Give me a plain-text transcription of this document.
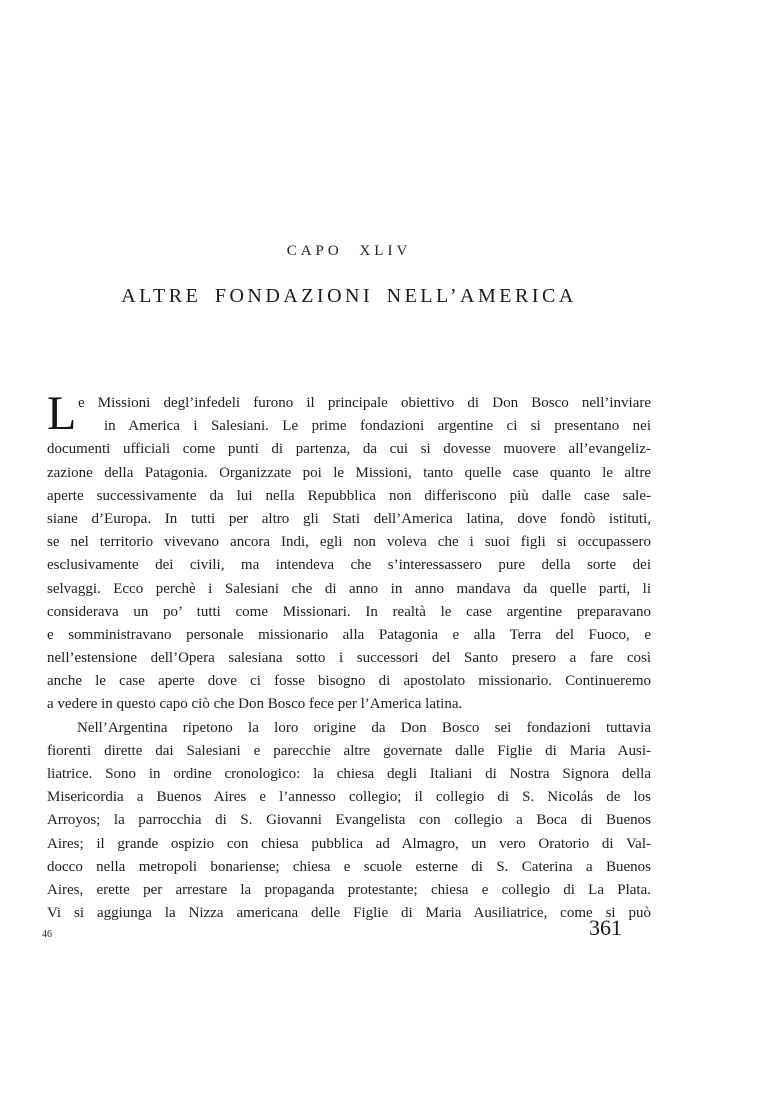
CAPO XLIV
ALTRE FONDAZIONI NELL’AMERICA
L e Missioni degl’infedeli furono il principale obiettivo di Don Bosco nell’inviare
in America i Salesiani. Le prime fondazioni argentine ci si presentano nei
documenti ufficiali come punti di partenza, da cui si dovesse muovere all’evangeliz-
zazione della Patagonia. Organizzate poi le Missioni, tanto quelle case quanto le altre
aperte successivamente da lui nella Repubblica non differiscono più dalle case sale-
siane d’Europa. In tutti per altro gli Stati dell’America latina, dove fondò istituti,
se nel territorio vivevano ancora Indi, egli non voleva che i suoi figli si occupassero
esclusivamente dei civili, ma intendeva che s’interessassero pure della sorte dei
selvaggi. Ecco perchè i Salesiani che di anno in anno mandava da quelle parti, li
considerava un po’ tutti come Missionari. In realtà le case argentine preparavano
e somministravano personale missionario alla Patagonia e alla Terra del Fuoco, e
nell’estensione dell’Opera salesiana sotto i successori del Santo presero a fare così
anche le case aperte dove ci fosse bisogno di apostolato missionario. Continueremo
a vedere in questo capo ciò che Don Bosco fece per l’America latina.
Nell’Argentina ripetono la loro origine da Don Bosco sei fondazioni tuttavia
fiorenti dirette dai Salesiani e parecchie altre governate dalle Figlie di Maria Ausi-
liatrice. Sono in ordine cronologico: la chiesa degli Italiani di Nostra Signora della
Misericordia a Buenos Aires e l’annesso collegio; il collegio di S. Nicolás de los
Arroyos; la parrocchia di S. Giovanni Evangelista con collegio a Boca di Buenos
Aires; il grande ospizio con chiesa pubblica ad Almagro, un vero Oratorio di Val-
docco nella metropoli bonariense; chiesa e scuole esterne di S. Caterina a Buenos
Aires, erette per arrestare la propaganda protestante; chiesa e collegio di La Plata.
Vi si aggiunga la Nizza americana delle Figlie di Maria Ausiliatrice, come si può
46	361
